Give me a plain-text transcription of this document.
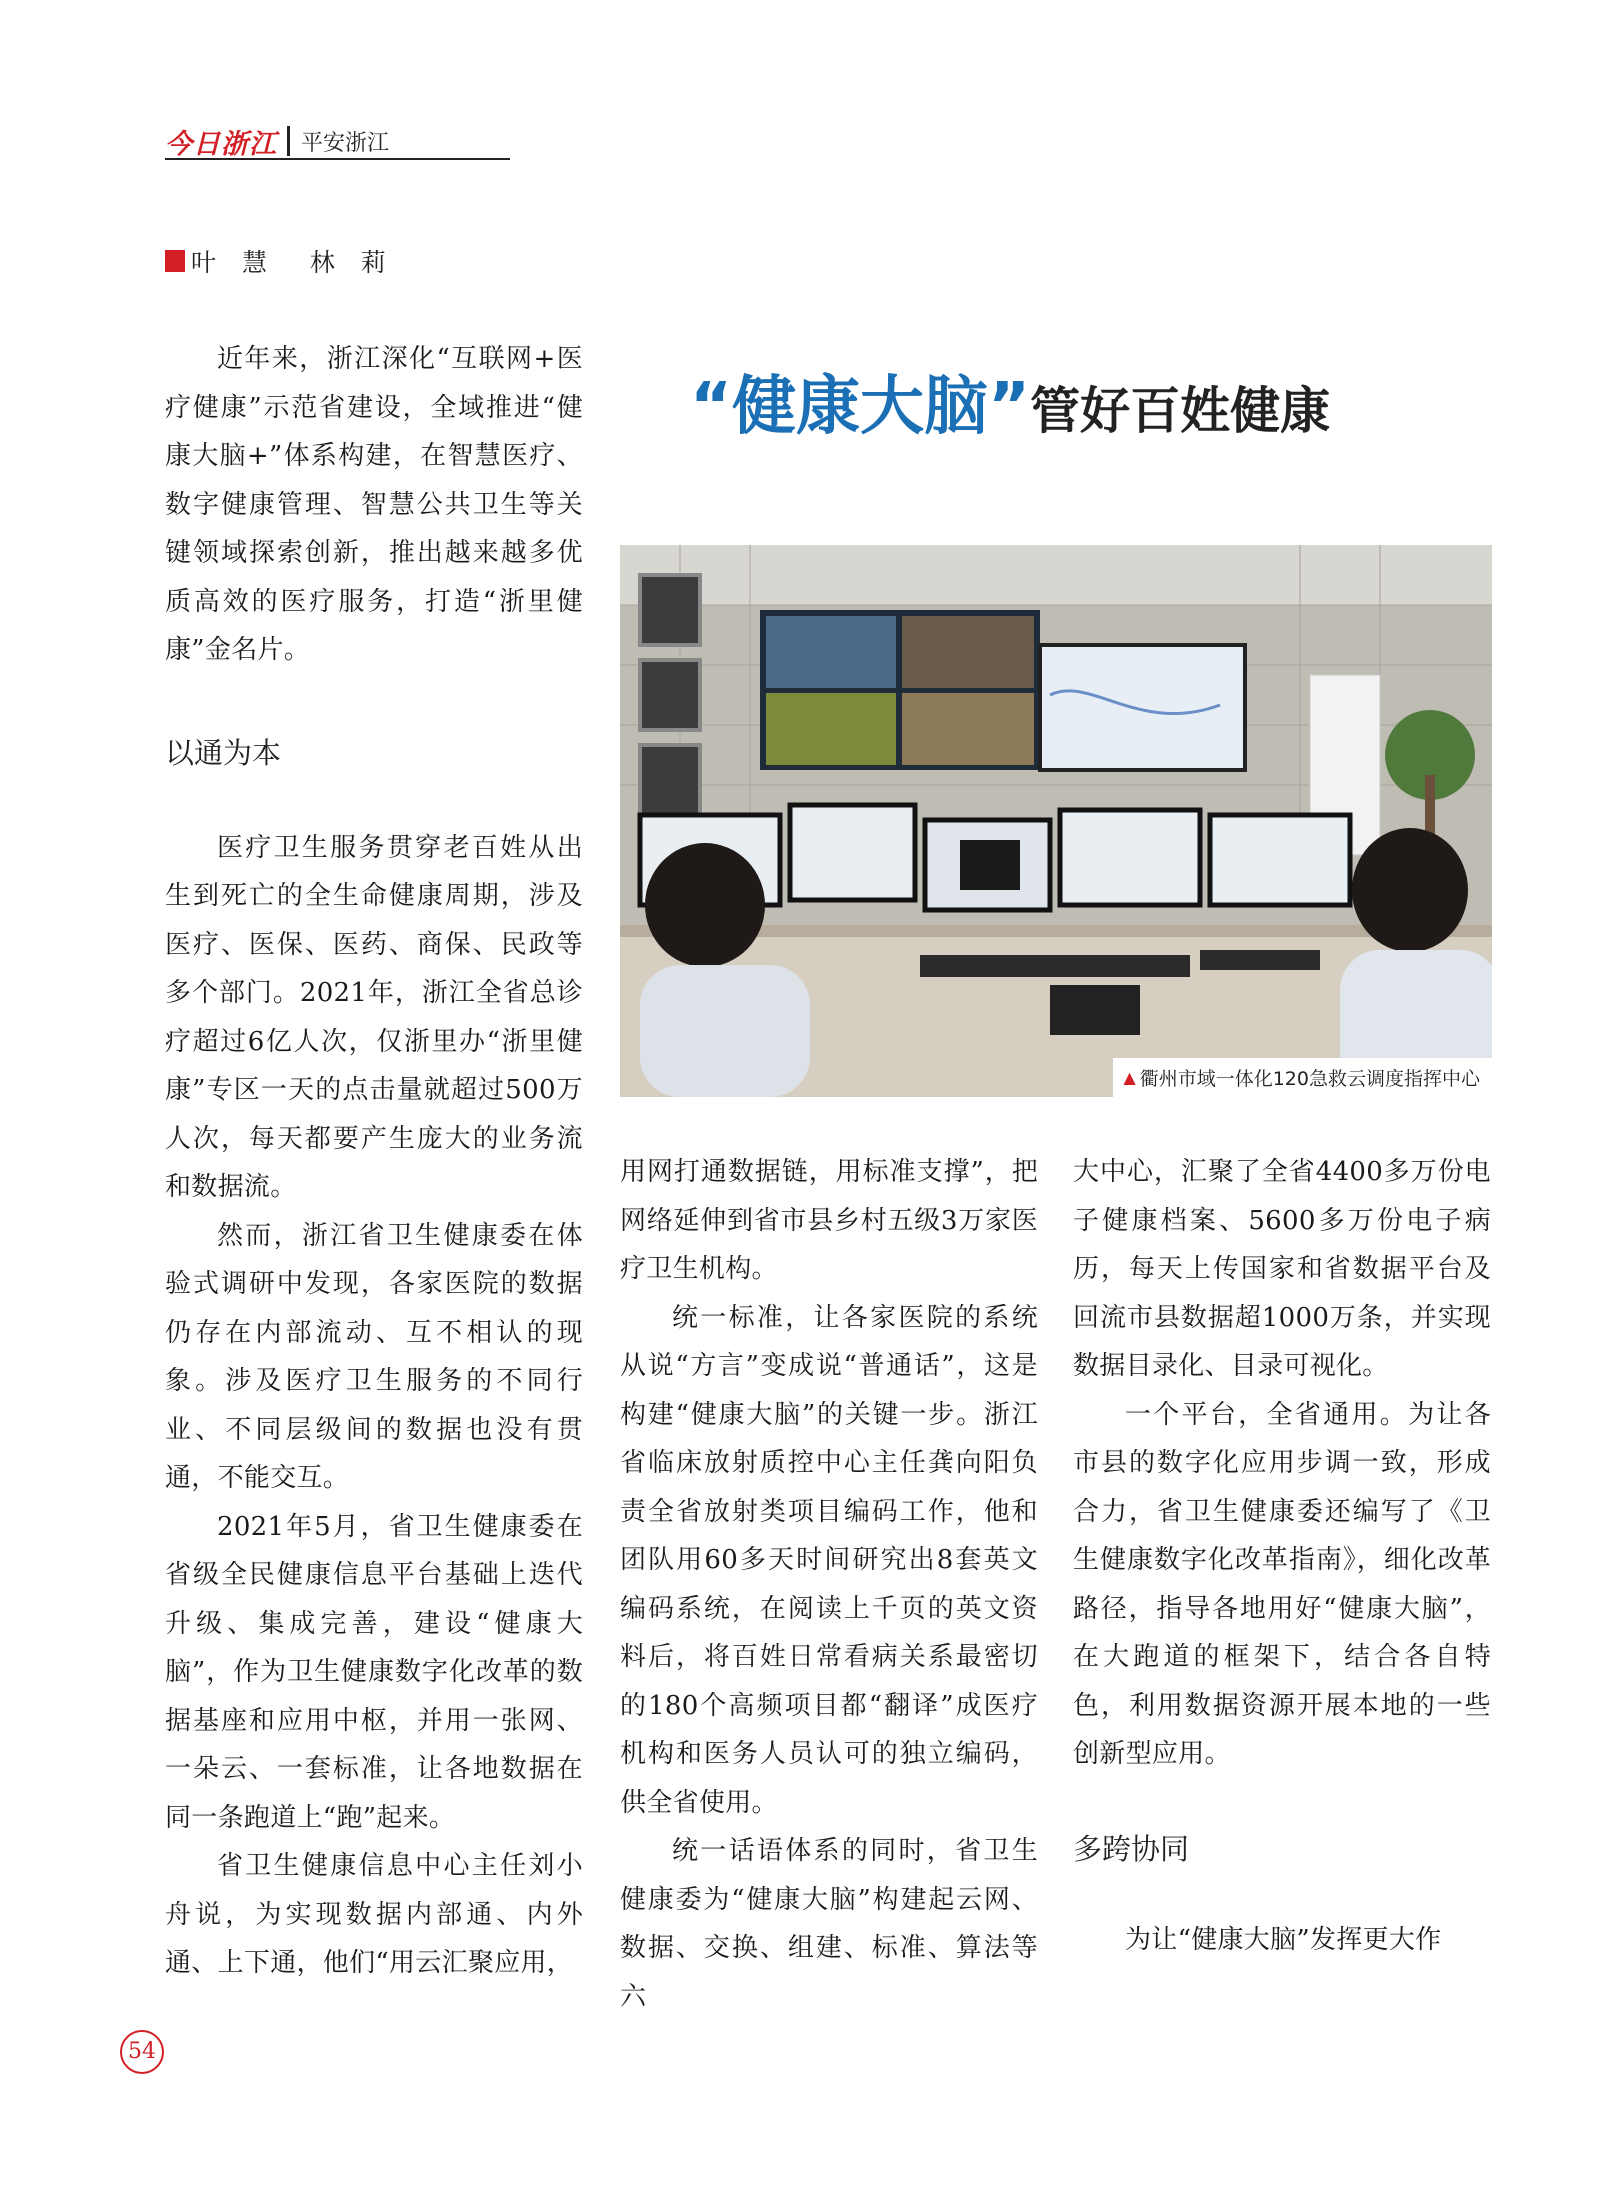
今日浙江 平安浙江
叶 慧  林 莉
“健康大脑”管好百姓健康

近年来，浙江深化“互联网+医疗健康”示范省建设，全域推进“健康大脑+”体系构建，在智慧医疗、数字健康管理、智慧公共卫生等关键领域探索创新，推出越来越多优质高效的医疗服务，打造“浙里健康”金名片。

以通为本

医疗卫生服务贯穿老百姓从出生到死亡的全生命健康周期，涉及医疗、医保、医药、商保、民政等多个部门。2021年，浙江全省总诊疗超过6亿人次，仅浙里办“浙里健康”专区一天的点击量就超过500万人次，每天都要产生庞大的业务流和数据流。

然而，浙江省卫生健康委在体验式调研中发现，各家医院的数据仍存在内部流动、互不相认的现象。涉及医疗卫生服务的不同行业、不同层级间的数据也没有贯通，不能交互。

2021年5月，省卫生健康委在省级全民健康信息平台基础上迭代升级、集成完善，建设“健康大脑”，作为卫生健康数字化改革的数据基座和应用中枢，并用一张网、一朵云、一套标准，让各地数据在同一条跑道上“跑”起来。

省卫生健康信息中心主任刘小舟说，为实现数据内部通、内外通、上下通，他们“用云汇聚应用，

▲ 衢州市域一体化120急救云调度指挥中心

用网打通数据链，用标准支撑”，把网络延伸到省市县乡村五级3万家医疗卫生机构。

统一标准，让各家医院的系统从说“方言”变成说“普通话”，这是构建“健康大脑”的关键一步。浙江省临床放射质控中心主任龚向阳负责全省放射类项目编码工作，他和团队用60多天时间研究出8套英文编码系统，在阅读上千页的英文资料后，将百姓日常看病关系最密切的180个高频项目都“翻译”成医疗机构和医务人员认可的独立编码，供全省使用。

统一话语体系的同时，省卫生健康委为“健康大脑”构建起云网、数据、交换、组建、标准、算法等六

大中心，汇聚了全省4400多万份电子健康档案、5600多万份电子病历，每天上传国家和省数据平台及回流市县数据超1000万条，并实现数据目录化、目录可视化。

一个平台，全省通用。为让各市县的数字化应用步调一致，形成合力，省卫生健康委还编写了《卫生健康数字化改革指南》，细化改革路径，指导各地用好“健康大脑”，在大跑道的框架下，结合各自特色，利用数据资源开展本地的一些创新型应用。

多跨协同

为让“健康大脑”发挥更大作

54
